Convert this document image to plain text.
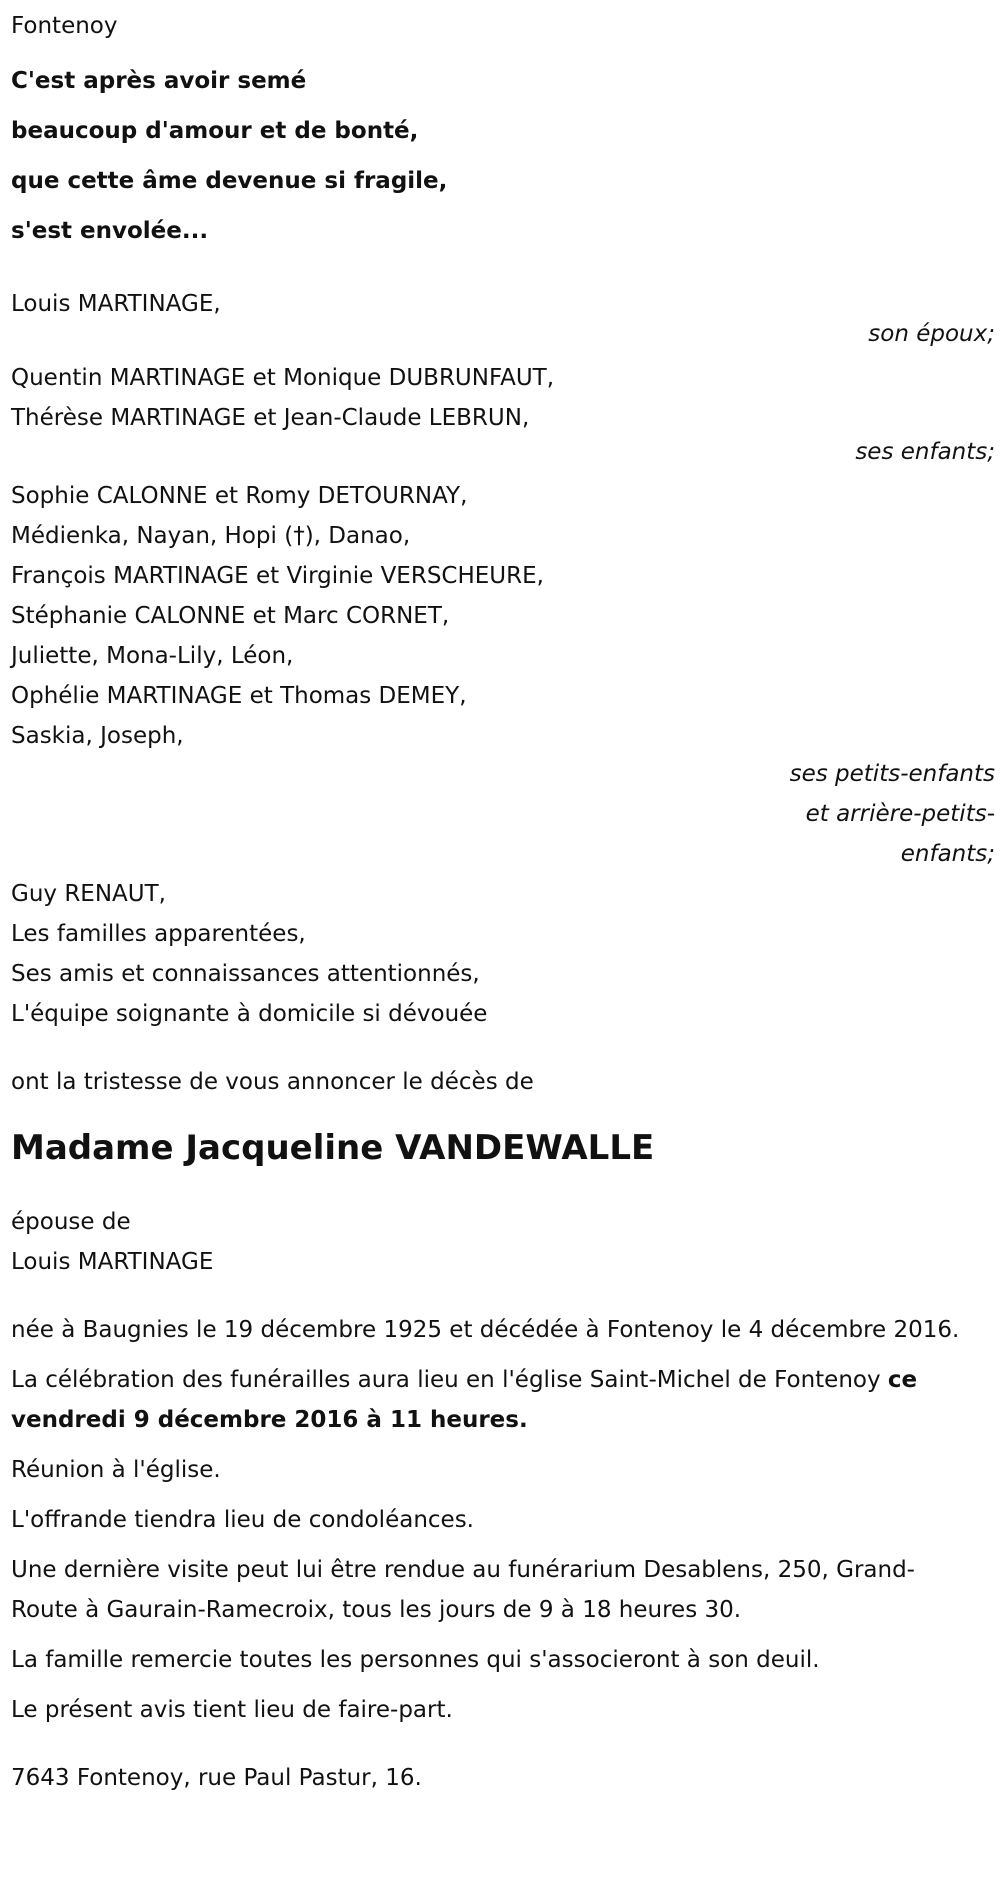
Fontenoy

C'est après avoir semé

beaucoup d'amour et de bonté,

que cette âme devenue si fragile,

s'est envolée...

Louis MARTINAGE,

son époux;

Quentin MARTINAGE et Monique DUBRUNFAUT,

Thérèse MARTINAGE et Jean-Claude LEBRUN,

ses enfants;

Sophie CALONNE et Romy DETOURNAY,

Médienka, Nayan, Hopi (†), Danao,

François MARTINAGE et Virginie VERSCHEURE,

Stéphanie CALONNE et Marc CORNET,

Juliette, Mona-Lily, Léon,

Ophélie MARTINAGE et Thomas DEMEY,

Saskia, Joseph,

ses petits-enfants
et arrière-petits-
enfants;

Guy RENAUT,

Les familles apparentées,

Ses amis et connaissances attentionnés,

L'équipe soignante à domicile si dévouée

ont la tristesse de vous annoncer le décès de

Madame Jacqueline VANDEWALLE

épouse de

Louis MARTINAGE

née à Baugnies le 19 décembre 1925 et décédée à Fontenoy le 4 décembre 2016.

La célébration des funérailles aura lieu en l'église Saint-Michel de Fontenoy ce vendredi 9 décembre 2016 à 11 heures.

Réunion à l'église.

L'offrande tiendra lieu de condoléances.

Une dernière visite peut lui être rendue au funérarium Desablens, 250, Grand-Route à Gaurain-Ramecroix, tous les jours de 9 à 18 heures 30.

La famille remercie toutes les personnes qui s'associeront à son deuil.

Le présent avis tient lieu de faire-part.

7643 Fontenoy, rue Paul Pastur, 16.
